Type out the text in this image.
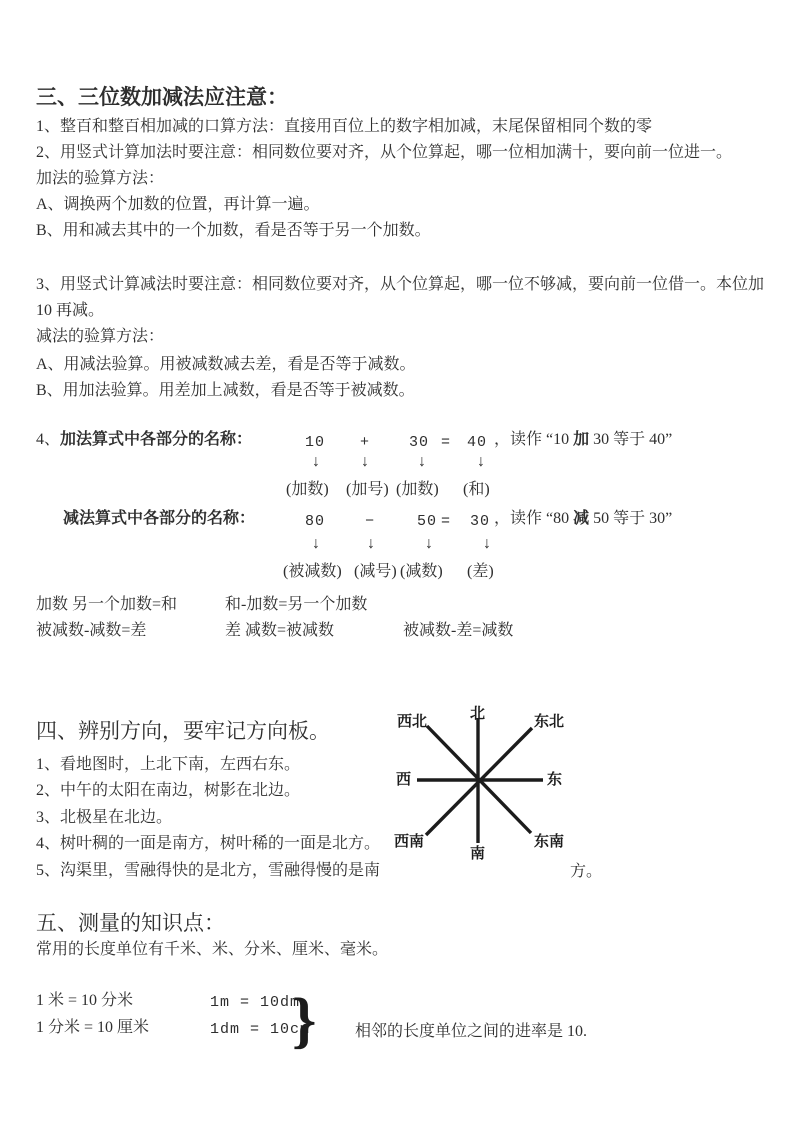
三、三位数加减法应注意：
1、整百和整百相加减的口算方法：直接用百位上的数字相加减，末尾保留相同个数的零
2、用竖式计算加法时要注意：相同数位要对齐，从个位算起，哪一位相加满十，要向前一位进一。
加法的验算方法：
A、调换两个加数的位置，再计算一遍。
B、用和减去其中的一个加数，看是否等于另一个加数。
3、用竖式计算减法时要注意：相同数位要对齐，从个位算起，哪一位不够减，要向前一位借一。本位加
10 再减。
减法的验算方法：
A、用减法验算。用被减数减去差，看是否等于减数。
B、用加法验算。用差加上减数，看是否等于被减数。
4、加法算式中各部分的名称：	10 +	30 = 40 ，读作 “10 加 30 等于 40”
↓	↓	↓	↓
(加数) (加号) (加数) (和)
减法算式中各部分的名称：	80	−	50 = 30 ，读作 “80 减 50 等于 30”
↓	↓	↓	↓
(被减数) (减号) (减数) (差)
加数 另一个加数=和	和-加数=另一个加数
被减数-减数=差	差 减数=被减数	被减数-差=减数
四、辨别方向，要牢记方向板。
1、看地图时，上北下南，左西右东。
2、中午的太阳在南边，树影在北边。
3、北极星在北边。
4、树叶稠的一面是南方，树叶稀的一面是北方。
5、沟渠里，雪融得快的是北方，雪融得慢的是南	方。
北
西北	东北
西	东
西南	东南
南
五、测量的知识点：
常用的长度单位有千米、米、分米、厘米、毫米。
1 米 = 10 分米	1m = 10dm
1 分米 = 10 厘米	1dm = 10cm
} 相邻的长度单位之间的进率是 10.
